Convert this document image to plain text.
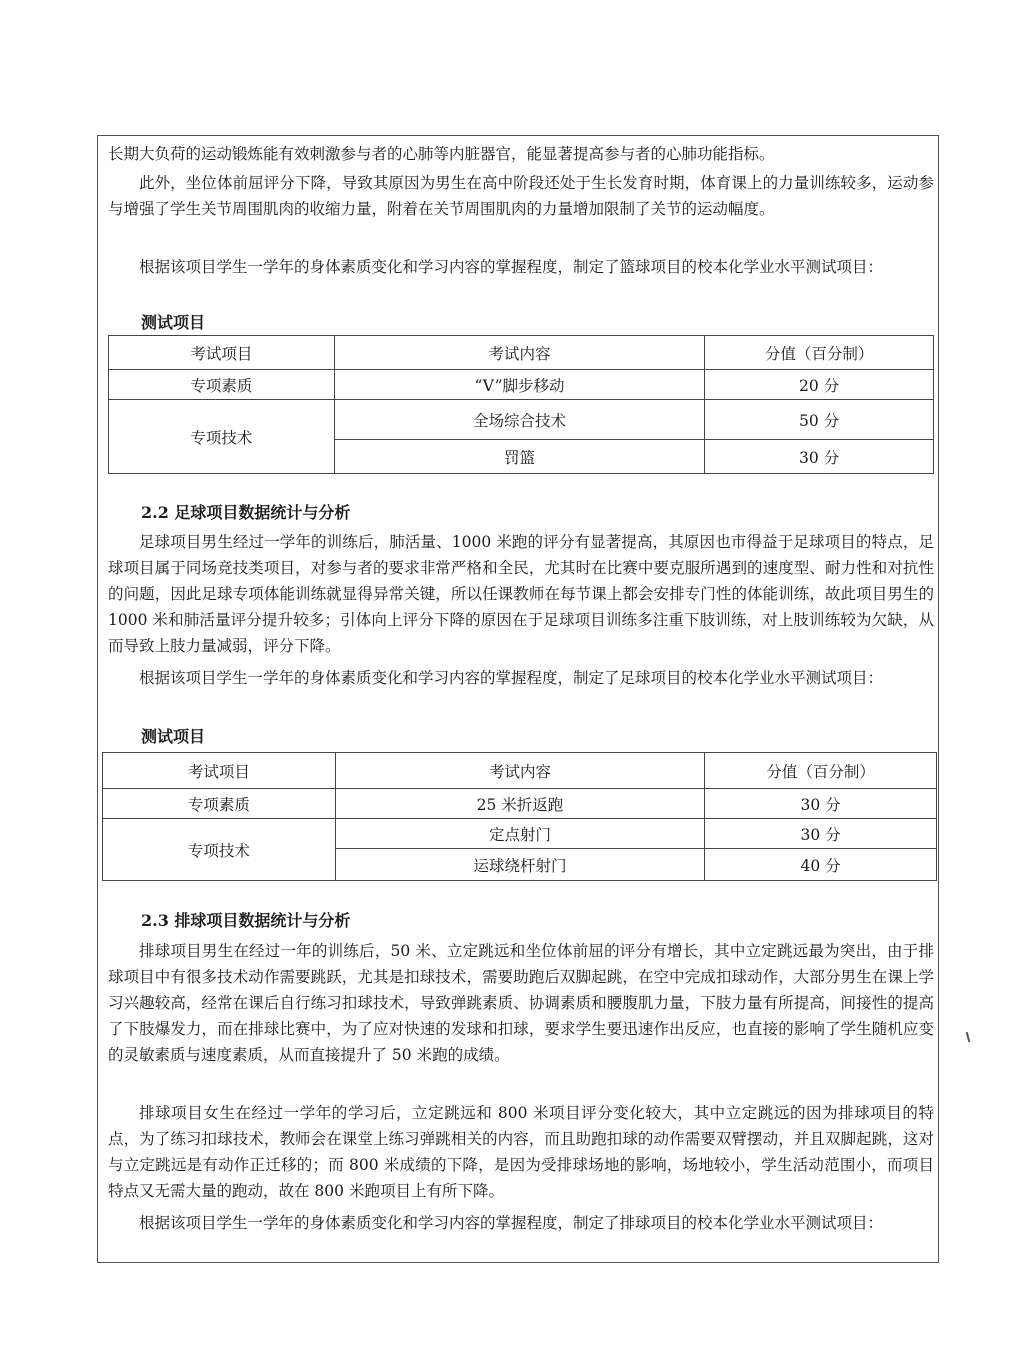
长期大负荷的运动锻炼能有效刺激参与者的心肺等内脏器官，能显著提高参与者的心肺功能指标。

此外，坐位体前屈评分下降，导致其原因为男生在高中阶段还处于生长发育时期，体育课上的力量训练较多，运动参与增强了学生关节周围肌肉的收缩力量，附着在关节周围肌肉的力量增加限制了关节的运动幅度。

根据该项目学生一学年的身体素质变化和学习内容的掌握程度，制定了篮球项目的校本化学业水平测试项目：

测试项目

考试项目	考试内容	分值（百分制）
专项素质	“V”脚步移动	20 分
专项技术	全场综合技术	50 分
	罚篮	30 分

2.2 足球项目数据统计与分析

足球项目男生经过一学年的训练后，肺活量、1000 米跑的评分有显著提高，其原因也市得益于足球项目的特点，足球项目属于同场竞技类项目，对参与者的要求非常严格和全民，尤其时在比赛中要克服所遇到的速度型、耐力性和对抗性的问题，因此足球专项体能训练就显得异常关键，所以任课教师在每节课上都会安排专门性的体能训练，故此项目男生的 1000 米和肺活量评分提升较多；引体向上评分下降的原因在于足球项目训练多注重下肢训练，对上肢训练较为欠缺，从而导致上肢力量减弱，评分下降。

根据该项目学生一学年的身体素质变化和学习内容的掌握程度，制定了足球项目的校本化学业水平测试项目：

测试项目

考试项目	考试内容	分值（百分制）
专项素质	25 米折返跑	30 分
专项技术	定点射门	30 分
	运球绕杆射门	40 分

2.3 排球项目数据统计与分析

排球项目男生在经过一年的训练后，50 米、立定跳远和坐位体前屈的评分有增长，其中立定跳远最为突出，由于排球项目中有很多技术动作需要跳跃，尤其是扣球技术，需要助跑后双脚起跳，在空中完成扣球动作，大部分男生在课上学习兴趣较高，经常在课后自行练习扣球技术，导致弹跳素质、协调素质和腰腹肌力量，下肢力量有所提高，间接性的提高了下肢爆发力，而在排球比赛中，为了应对快速的发球和扣球，要求学生要迅速作出反应，也直接的影响了学生随机应变的灵敏素质与速度素质，从而直接提升了 50 米跑的成绩。

排球项目女生在经过一学年的学习后，立定跳远和 800 米项目评分变化较大，其中立定跳远的因为排球项目的特点，为了练习扣球技术，教师会在课堂上练习弹跳相关的内容，而且助跑扣球的动作需要双臂摆动，并且双脚起跳，这对与立定跳远是有动作正迁移的；而 800 米成绩的下降，是因为受排球场地的影响，场地较小，学生活动范围小，而项目特点又无需大量的跑动，故在 800 米跑项目上有所下降。

根据该项目学生一学年的身体素质变化和学习内容的掌握程度，制定了排球项目的校本化学业水平测试项目：
